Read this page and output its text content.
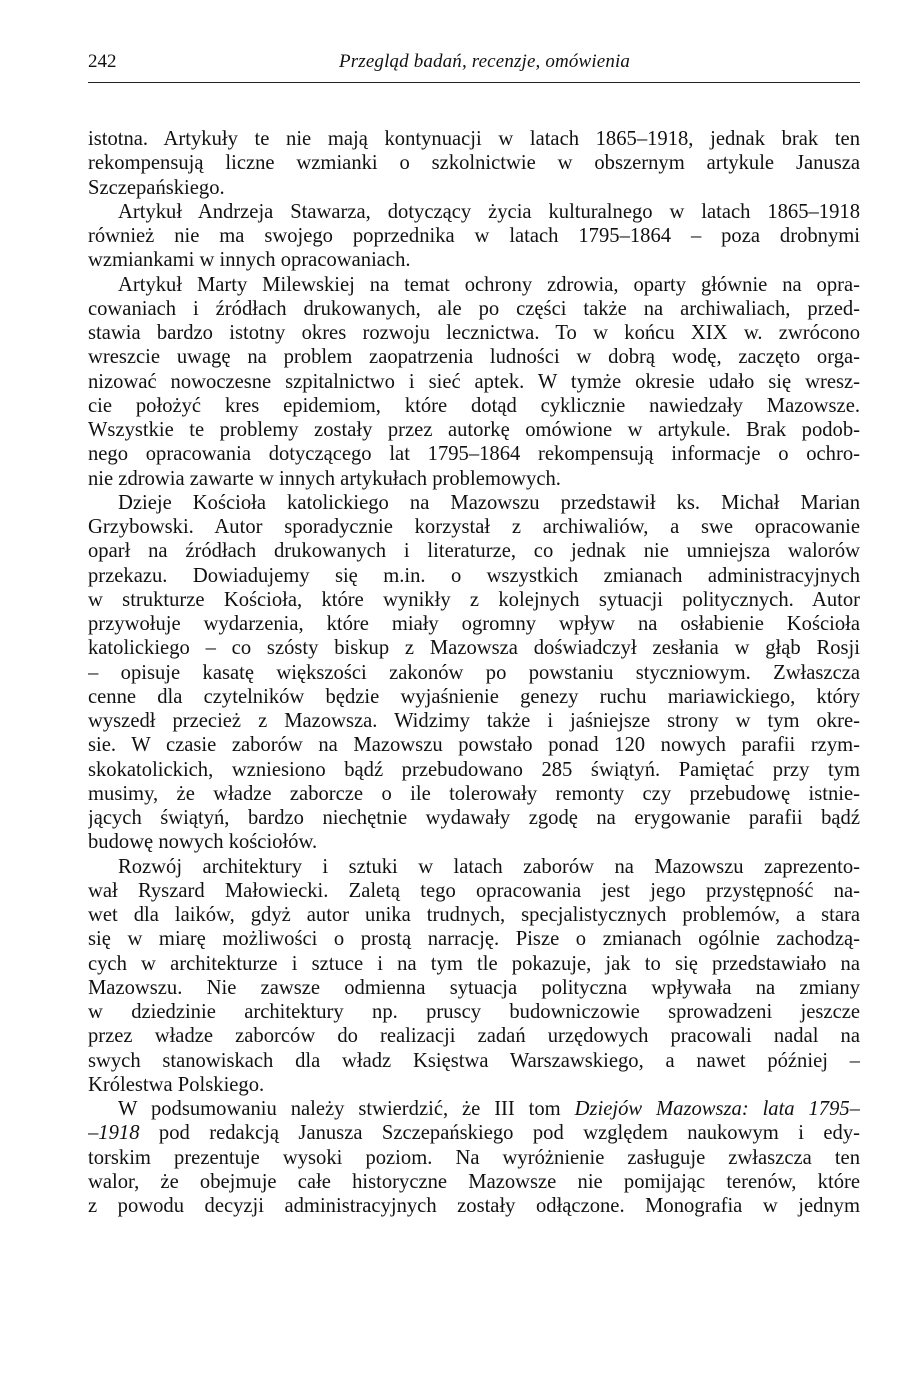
242	Przegląd badań, recenzje, omówienia
istotna. Artykuły te nie mają kontynuacji w latach 1865–1918, jednak brak ten
rekompensują liczne wzmianki o szkolnictwie w obszernym artykule Janusza
Szczepańskiego.
Artykuł Andrzeja Stawarza, dotyczący życia kulturalnego w latach 1865–1918
również nie ma swojego poprzednika w latach 1795–1864 – poza drobnymi
wzmiankami w innych opracowaniach.
Artykuł Marty Milewskiej na temat ochrony zdrowia, oparty głównie na opra-
cowaniach i źródłach drukowanych, ale po części także na archiwaliach, przed-
stawia bardzo istotny okres rozwoju lecznictwa. To w końcu XIX w. zwrócono
wreszcie uwagę na problem zaopatrzenia ludności w dobrą wodę, zaczęto orga-
nizować nowoczesne szpitalnictwo i sieć aptek. W tymże okresie udało się wresz-
cie położyć kres epidemiom, które dotąd cyklicznie nawiedzały Mazowsze.
Wszystkie te problemy zostały przez autorkę omówione w artykule. Brak podob-
nego opracowania dotyczącego lat 1795–1864 rekompensują informacje o ochro-
nie zdrowia zawarte w innych artykułach problemowych.
Dzieje Kościoła katolickiego na Mazowszu przedstawił ks. Michał Marian
Grzybowski. Autor sporadycznie korzystał z archiwaliów, a swe opracowanie
oparł na źródłach drukowanych i literaturze, co jednak nie umniejsza walorów
przekazu. Dowiadujemy się m.in. o wszystkich zmianach administracyjnych
w strukturze Kościoła, które wynikły z kolejnych sytuacji politycznych. Autor
przywołuje wydarzenia, które miały ogromny wpływ na osłabienie Kościoła
katolickiego – co szósty biskup z Mazowsza doświadczył zesłania w głąb Rosji
– opisuje kasatę większości zakonów po powstaniu styczniowym. Zwłaszcza
cenne dla czytelników będzie wyjaśnienie genezy ruchu mariawickiego, który
wyszedł przecież z Mazowsza. Widzimy także i jaśniejsze strony w tym okre-
sie. W czasie zaborów na Mazowszu powstało ponad 120 nowych parafii rzym-
skokatolickich, wzniesiono bądź przebudowano 285 świątyń. Pamiętać przy tym
musimy, że władze zaborcze o ile tolerowały remonty czy przebudowę istnie-
jących świątyń, bardzo niechętnie wydawały zgodę na erygowanie parafii bądź
budowę nowych kościołów.
Rozwój architektury i sztuki w latach zaborów na Mazowszu zaprezento-
wał Ryszard Małowiecki. Zaletą tego opracowania jest jego przystępność na-
wet dla laików, gdyż autor unika trudnych, specjalistycznych problemów, a stara
się w miarę możliwości o prostą narrację. Pisze o zmianach ogólnie zachodzą-
cych w architekturze i sztuce i na tym tle pokazuje, jak to się przedstawiało na
Mazowszu. Nie zawsze odmienna sytuacja polityczna wpływała na zmiany
w dziedzinie architektury np. pruscy budowniczowie sprowadzeni jeszcze
przez władze zaborców do realizacji zadań urzędowych pracowali nadal na
swych stanowiskach dla władz Księstwa Warszawskiego, a nawet później –
Królestwa Polskiego.
W podsumowaniu należy stwierdzić, że III tom Dziejów Mazowsza: lata 1795–
–1918 pod redakcją Janusza Szczepańskiego pod względem naukowym i edy-
torskim prezentuje wysoki poziom. Na wyróżnienie zasługuje zwłaszcza ten
walor, że obejmuje całe historyczne Mazowsze nie pomijając terenów, które
z powodu decyzji administracyjnych zostały odłączone. Monografia w jednym
